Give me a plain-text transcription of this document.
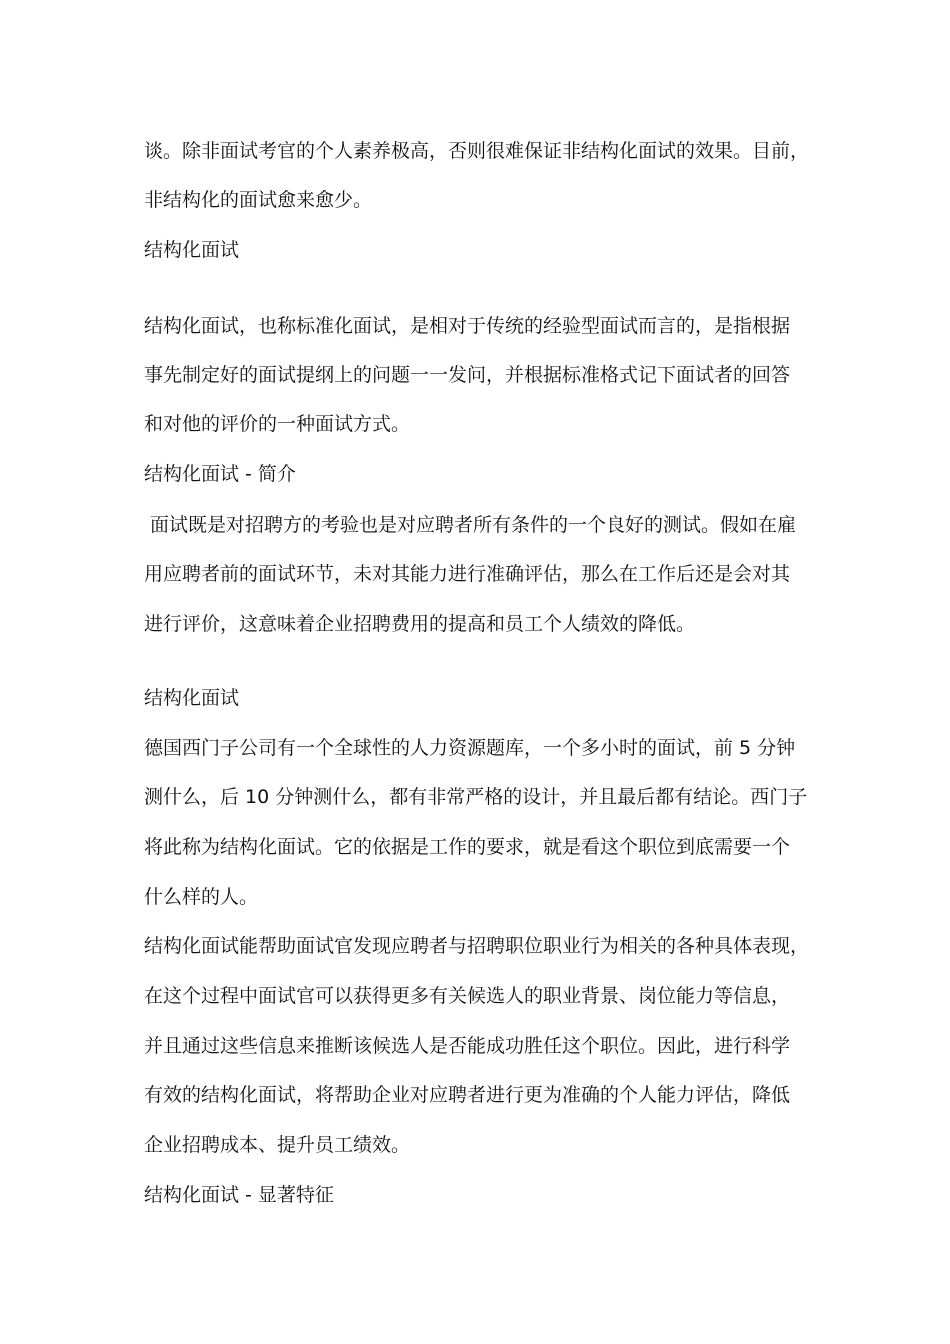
谈。除非面试考官的个人素养极高，否则很难保证非结构化面试的效果。目前，
非结构化的面试愈来愈少。
结构化面试
结构化面试，也称标准化面试，是相对于传统的经验型面试而言的，是指根据
事先制定好的面试提纲上的问题一一发问，并根据标准格式记下面试者的回答
和对他的评价的一种面试方式。
结构化面试 - 简介
面试既是对招聘方的考验也是对应聘者所有条件的一个良好的测试。假如在雇
用应聘者前的面试环节，未对其能力进行准确评估，那么在工作后还是会对其
进行评价，这意味着企业招聘费用的提高和员工个人绩效的降低。
结构化面试
德国西门子公司有一个全球性的人力资源题库，一个多小时的面试，前 5 分钟
测什么，后 10 分钟测什么，都有非常严格的设计，并且最后都有结论。西门子
将此称为结构化面试。它的依据是工作的要求，就是看这个职位到底需要一个
什么样的人。
结构化面试能帮助面试官发现应聘者与招聘职位职业行为相关的各种具体表现，
在这个过程中面试官可以获得更多有关候选人的职业背景、岗位能力等信息，
并且通过这些信息来推断该候选人是否能成功胜任这个职位。因此，进行科学
有效的结构化面试，将帮助企业对应聘者进行更为准确的个人能力评估，降低
企业招聘成本、提升员工绩效。
结构化面试 - 显著特征
